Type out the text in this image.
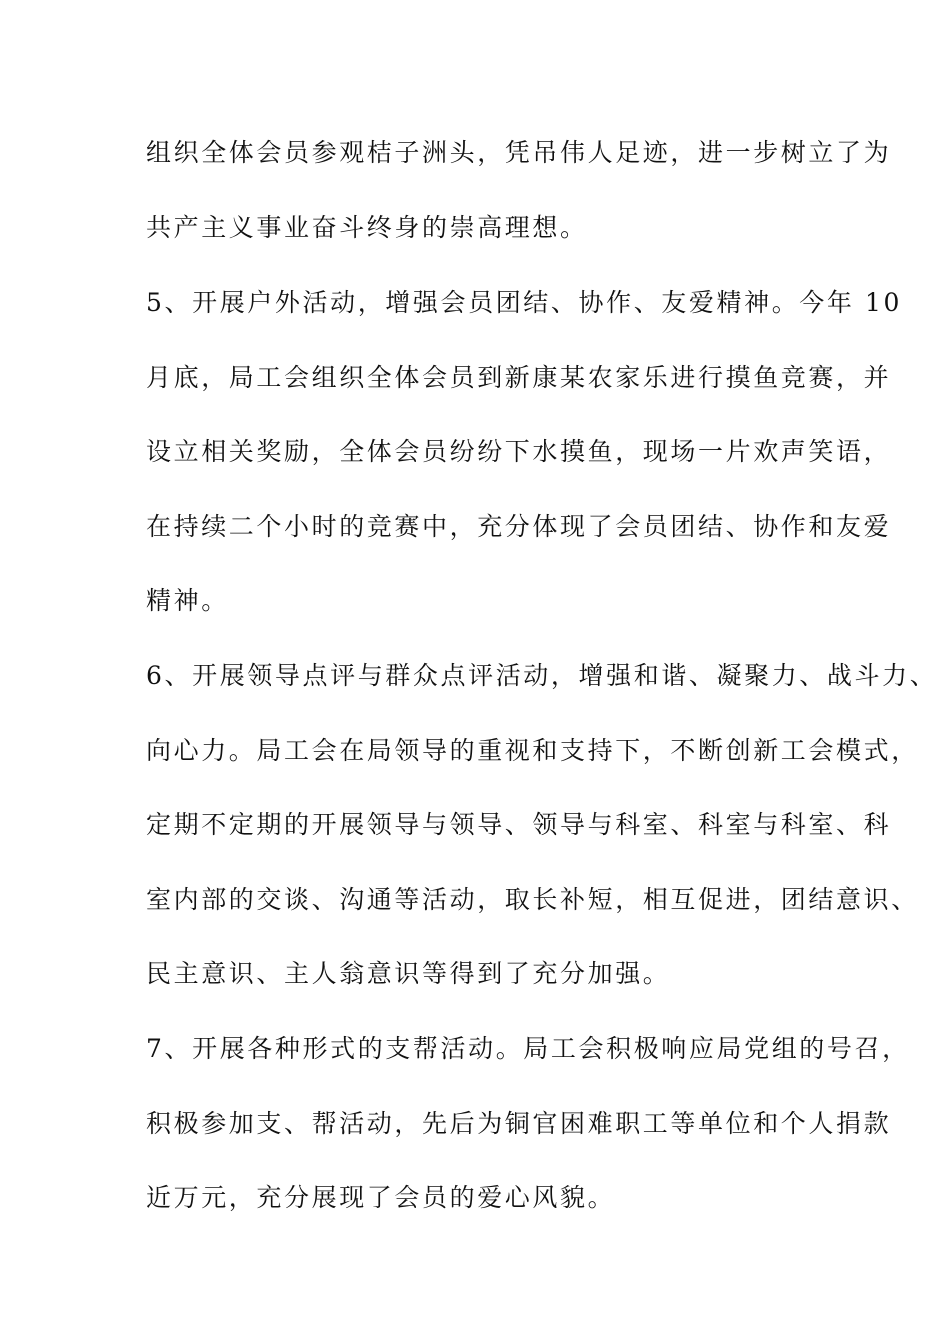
组织全体会员参观桔子洲头，凭吊伟人足迹，进一步树立了为
共产主义事业奋斗终身的崇高理想。
5、开展户外活动，增强会员团结、协作、友爱精神。今年 10
月底，局工会组织全体会员到新康某农家乐进行摸鱼竞赛，并
设立相关奖励，全体会员纷纷下水摸鱼，现场一片欢声笑语，
在持续二个小时的竞赛中，充分体现了会员团结、协作和友爱
精神。
6、开展领导点评与群众点评活动，增强和谐、凝聚力、战斗力、
向心力。局工会在局领导的重视和支持下，不断创新工会模式，
定期不定期的开展领导与领导、领导与科室、科室与科室、科
室内部的交谈、沟通等活动，取长补短，相互促进，团结意识、
民主意识、主人翁意识等得到了充分加强。
7、开展各种形式的支帮活动。局工会积极响应局党组的号召，
积极参加支、帮活动，先后为铜官困难职工等单位和个人捐款
近万元，充分展现了会员的爱心风貌。
